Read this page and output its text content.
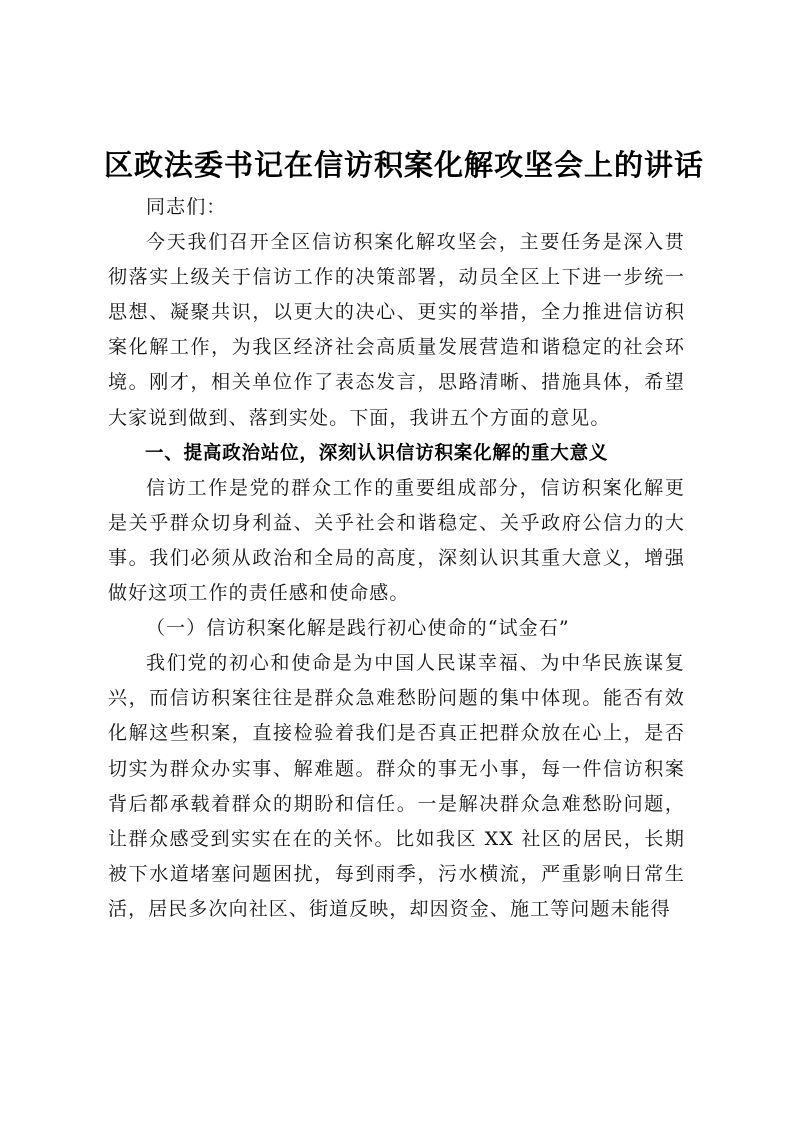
区政法委书记在信访积案化解攻坚会上的讲话

同志们：

今天我们召开全区信访积案化解攻坚会，主要任务是深入贯彻落实上级关于信访工作的决策部署，动员全区上下进一步统一思想、凝聚共识，以更大的决心、更实的举措，全力推进信访积案化解工作，为我区经济社会高质量发展营造和谐稳定的社会环境。刚才，相关单位作了表态发言，思路清晰、措施具体，希望大家说到做到、落到实处。下面，我讲五个方面的意见。

一、提高政治站位，深刻认识信访积案化解的重大意义

信访工作是党的群众工作的重要组成部分，信访积案化解更是关乎群众切身利益、关乎社会和谐稳定、关乎政府公信力的大事。我们必须从政治和全局的高度，深刻认识其重大意义，增强做好这项工作的责任感和使命感。

（一）信访积案化解是践行初心使命的“试金石”

我们党的初心和使命是为中国人民谋幸福、为中华民族谋复兴，而信访积案往往是群众急难愁盼问题的集中体现。能否有效化解这些积案，直接检验着我们是否真正把群众放在心上，是否切实为群众办实事、解难题。群众的事无小事，每一件信访积案背后都承载着群众的期盼和信任。一是解决群众急难愁盼问题，让群众感受到实实在在的关怀。比如我区 XX 社区的居民，长期被下水道堵塞问题困扰，每到雨季，污水横流，严重影响日常生活，居民多次向社区、街道反映，却因资金、施工等问题未能得
